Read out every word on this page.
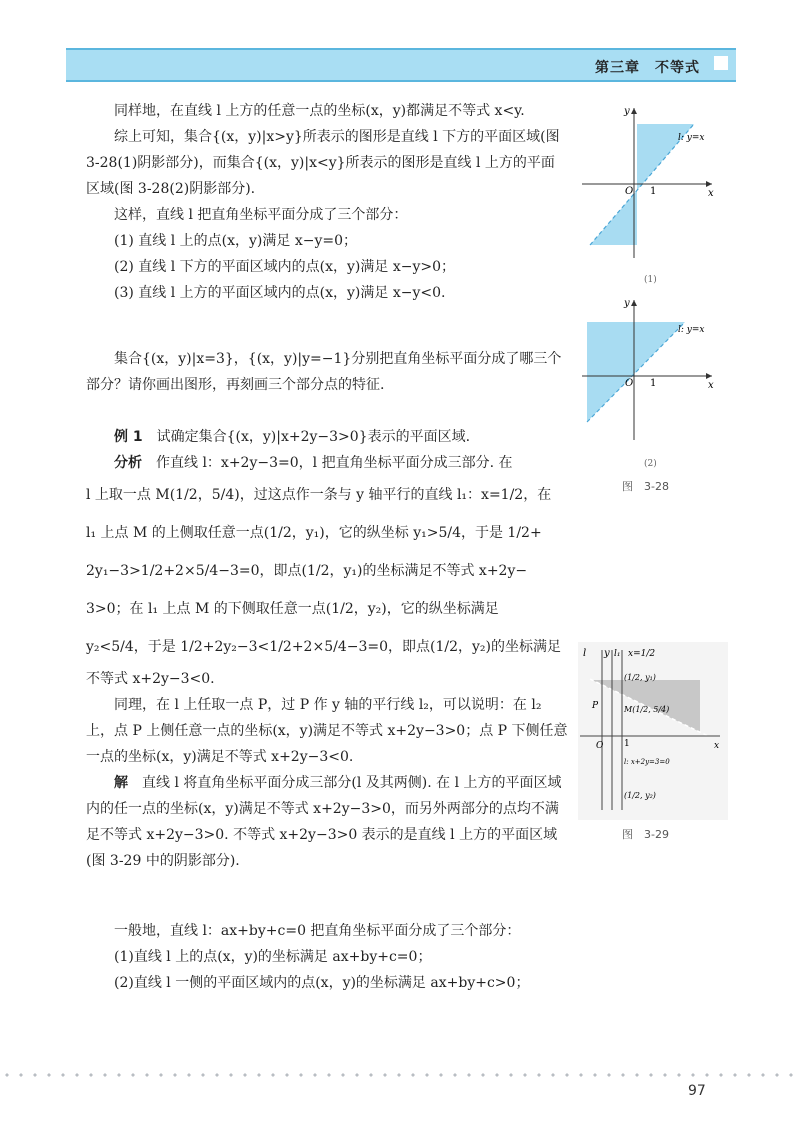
第三章　不等式

同样地，在直线 l 上方的任意一点的坐标(x，y)都满足不等式 x<y.

综上可知，集合{(x，y)|x>y}所表示的图形是直线 l 下方的平面区域(图 3-28(1)阴影部分)，而集合{(x，y)|x<y}所表示的图形是直线 l 上方的平面区域(图 3-28(2)阴影部分).

这样，直线 l 把直角坐标平面分成了三个部分：

(1) 直线 l 上的点(x，y)满足 x−y=0；

(2) 直线 l 下方的平面区域内的点(x，y)满足 x−y>0；

(3) 直线 l 上方的平面区域内的点(x，y)满足 x−y<0.

集合{(x，y)|x=3}，{(x，y)|y=−1}分别把直角坐标平面分成了哪三个部分？请你画出图形，再刻画三个部分点的特征.

例 1　 试确定集合{(x，y)|x+2y−3>0}表示的平面区域.

分析　 作直线 l：x+2y−3=0，l 把直角坐标平面分成三部分. 在

l 上取一点 M(1/2，5/4)，过这点作一条与 y 轴平行的直线 l₁：x=1/2，在

l₁ 上点 M 的上侧取任意一点(1/2，y₁)，它的纵坐标 y₁>5/4，于是 1/2+

2y₁−3>1/2+2×5/4−3=0，即点(1/2，y₁)的坐标满足不等式 x+2y−

3>0；在 l₁ 上点 M 的下侧取任意一点(1/2，y₂)，它的纵坐标满足

y₂<5/4，于是 1/2+2y₂−3<1/2+2×5/4−3=0，即点(1/2，y₂)的坐标满足

不等式 x+2y−3<0.

同理，在 l 上任取一点 P，过 P 作 y 轴的平行线 l₂，可以说明：在 l₂ 上，点 P 上侧任意一点的坐标(x，y)满足不等式 x+2y−3>0；点 P 下侧任意一点的坐标(x，y)满足不等式 x+2y−3<0.

解　 直线 l 将直角坐标平面分成三部分(l 及其两侧). 在 l 上方的平面区域内的任一点的坐标(x，y)满足不等式 x+2y−3>0，而另外两部分的点均不满足不等式 x+2y−3>0. 不等式 x+2y−3>0 表示的是直线 l 上方的平面区域(图 3-29 中的阴影部分).

一般地，直线 l：ax+by+c=0 把直角坐标平面分成了三个部分：

(1)直线 l 上的点(x，y)的坐标满足 ax+by+c=0；

(2)直线 l 一侧的平面区域内的点(x，y)的坐标满足 ax+by+c>0；

y
x
O 1
l: y=x
(1)
y
x
O 1
l: y=x
(2)
图　3-28
l y l₁ x=1/2
(1/2, y₁)
M(1/2, 5/4)
P
O 1	x
l: x+2y=3=0
(1/2, y₂)
图　3-29
97
